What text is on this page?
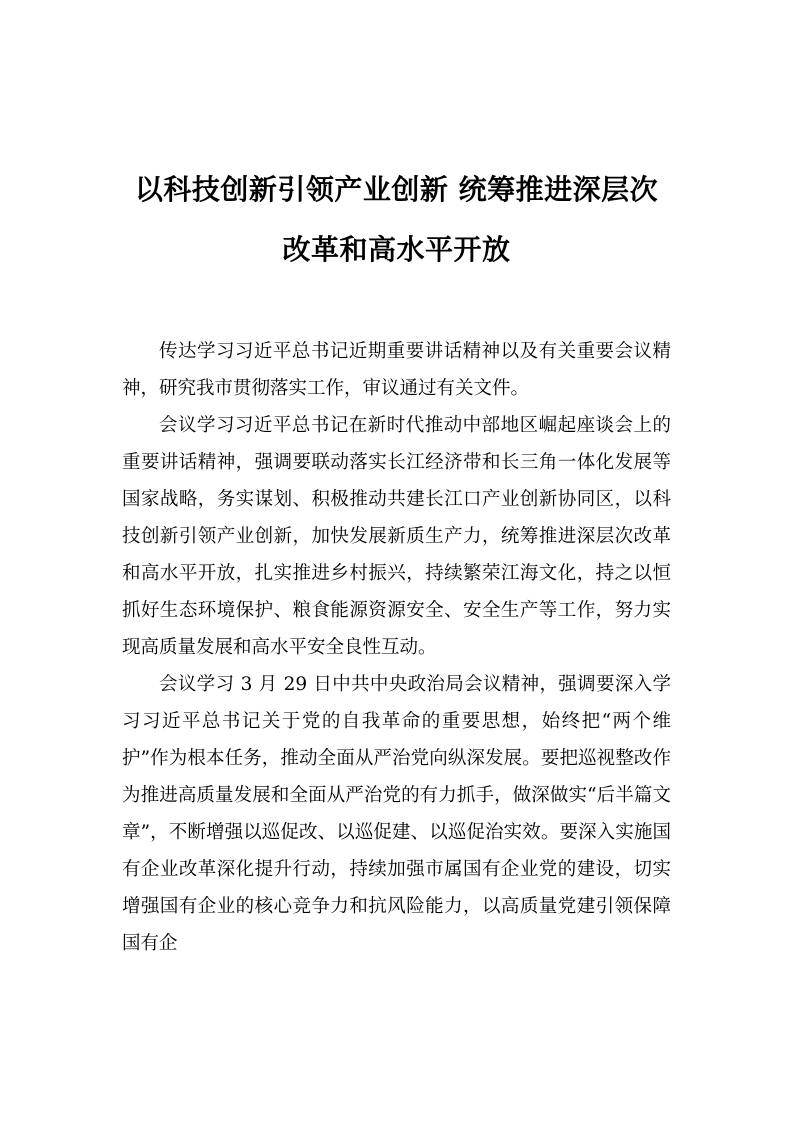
以科技创新引领产业创新 统筹推进深层次
改革和高水平开放

传达学习习近平总书记近期重要讲话精神以及有关重要会议精神，研究我市贯彻落实工作，审议通过有关文件。

会议学习习近平总书记在新时代推动中部地区崛起座谈会上的重要讲话精神，强调要联动落实长江经济带和长三角一体化发展等国家战略，务实谋划、积极推动共建长江口产业创新协同区，以科技创新引领产业创新，加快发展新质生产力，统筹推进深层次改革和高水平开放，扎实推进乡村振兴，持续繁荣江海文化，持之以恒抓好生态环境保护、粮食能源资源安全、安全生产等工作，努力实现高质量发展和高水平安全良性互动。

会议学习 3 月 29 日中共中央政治局会议精神，强调要深入学习习近平总书记关于党的自我革命的重要思想，始终把“两个维护”作为根本任务，推动全面从严治党向纵深发展。要把巡视整改作为推进高质量发展和全面从严治党的有力抓手，做深做实“后半篇文章”，不断增强以巡促改、以巡促建、以巡促治实效。要深入实施国有企业改革深化提升行动，持续加强市属国有企业党的建设，切实增强国有企业的核心竞争力和抗风险能力，以高质量党建引领保障国有企
